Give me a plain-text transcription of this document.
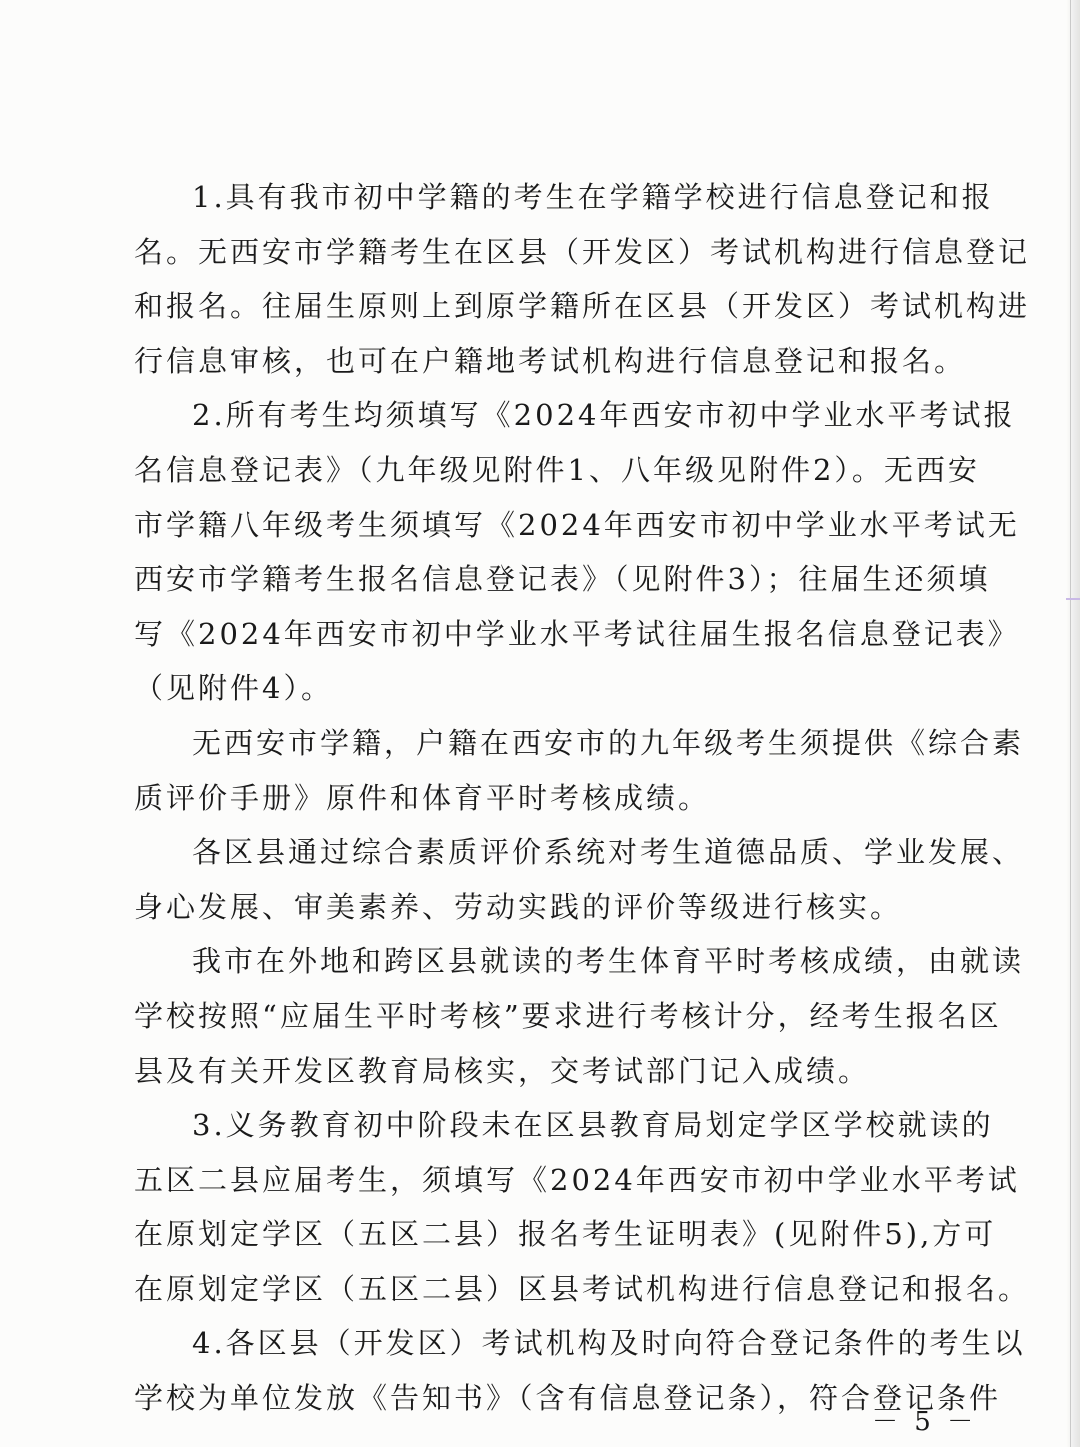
1.具有我市初中学籍的考生在学籍学校进行信息登记和报
名。无西安市学籍考生在区县（开发区）考试机构进行信息登记
和报名。往届生原则上到原学籍所在区县（开发区）考试机构进
行信息审核，也可在户籍地考试机构进行信息登记和报名。
2.所有考生均须填写《2024年西安市初中学业水平考试报
名信息登记表》（九年级见附件1、八年级见附件2）。无西安
市学籍八年级考生须填写《2024年西安市初中学业水平考试无
西安市学籍考生报名信息登记表》（见附件3）；往届生还须填
写《2024年西安市初中学业水平考试往届生报名信息登记表》
（见附件4）。
无西安市学籍，户籍在西安市的九年级考生须提供《综合素
质评价手册》原件和体育平时考核成绩。
各区县通过综合素质评价系统对考生道德品质、学业发展、
身心发展、审美素养、劳动实践的评价等级进行核实。
我市在外地和跨区县就读的考生体育平时考核成绩，由就读
学校按照“应届生平时考核”要求进行考核计分，经考生报名区
县及有关开发区教育局核实，交考试部门记入成绩。
3.义务教育初中阶段未在区县教育局划定学区学校就读的
五区二县应届考生，须填写《2024年西安市初中学业水平考试
在原划定学区（五区二县）报名考生证明表》(见附件5),方可
在原划定学区（五区二县）区县考试机构进行信息登记和报名。
4.各区县（开发区）考试机构及时向符合登记条件的考生以
学校为单位发放《告知书》（含有信息登记条），符合登记条件
－ 5 －
